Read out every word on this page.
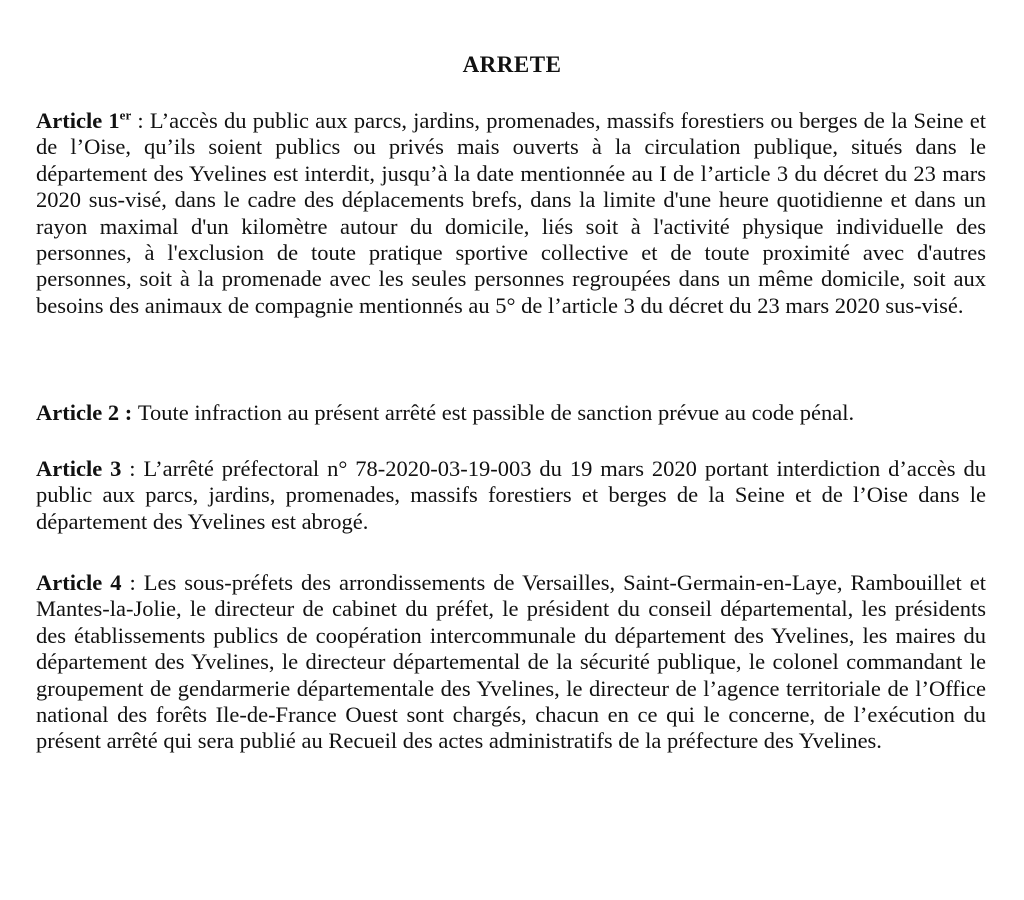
ARRETE

Article 1er : L’accès du public aux parcs, jardins, promenades, massifs forestiers ou berges de la Seine et de l’Oise, qu’ils soient publics ou privés mais ouverts à la circulation publique, situés dans le département des Yvelines est interdit, jusqu’à la date mentionnée au I de l’article 3 du décret du 23 mars 2020 sus-visé, dans le cadre des déplacements brefs, dans la limite d'une heure quotidienne et dans un rayon maximal d'un kilomètre autour du domicile, liés soit à l'activité physique individuelle des personnes, à l'exclusion de toute pratique sportive collective et de toute proximité avec d'autres personnes, soit à la promenade avec les seules personnes regroupées dans un même domicile, soit aux besoins des animaux de compagnie mentionnés au 5° de l’article 3 du décret du 23 mars 2020 sus-visé.

Article 2 : Toute infraction au présent arrêté est passible de sanction prévue au code pénal.

Article 3 : L’arrêté préfectoral n° 78-2020-03-19-003 du 19 mars 2020 portant interdiction d’accès du public aux parcs, jardins, promenades, massifs forestiers et berges de la Seine et de l’Oise dans le département des Yvelines est abrogé.

Article 4 : Les sous-préfets des arrondissements de Versailles, Saint-Germain-en-Laye, Rambouillet et Mantes-la-Jolie, le directeur de cabinet du préfet, le président du conseil départemental, les présidents des établissements publics de coopération intercommunale du département des Yvelines, les maires du département des Yvelines, le directeur départemental de la sécurité publique, le colonel commandant le groupement de gendarmerie départementale des Yvelines, le directeur de l’agence territoriale de l’Office national des forêts Ile-de-France Ouest sont chargés, chacun en ce qui le concerne, de l’exécution du présent arrêté qui sera publié au Recueil des actes administratifs de la préfecture des Yvelines.
